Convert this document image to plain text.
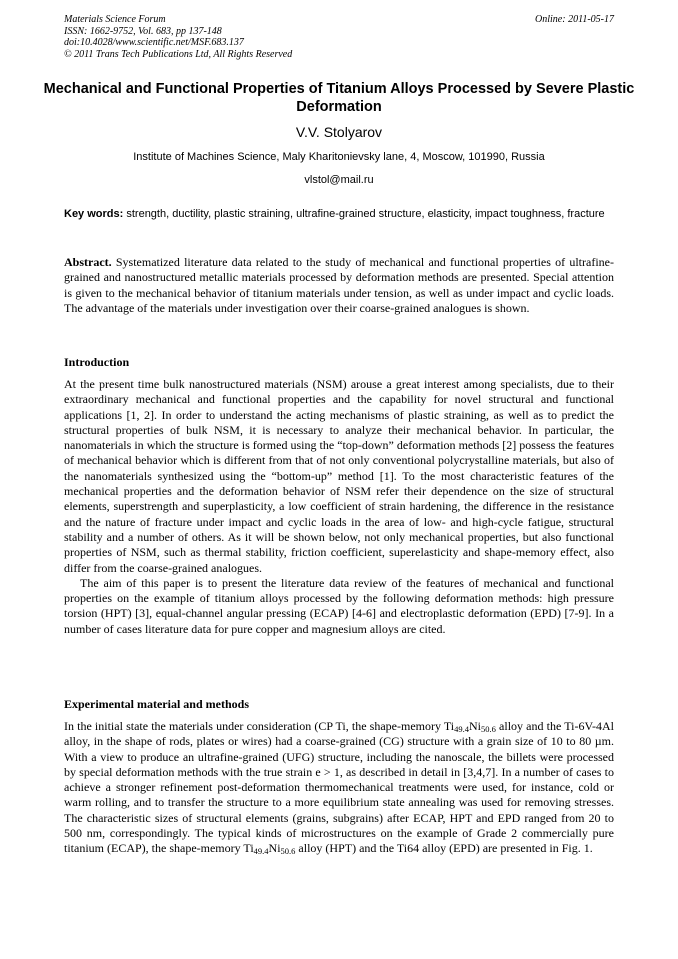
Materials Science Forum
ISSN: 1662-9752, Vol. 683, pp 137-148
doi:10.4028/www.scientific.net/MSF.683.137
© 2011 Trans Tech Publications Ltd, All Rights Reserved
Online: 2011-05-17
Mechanical and Functional Properties of Titanium Alloys Processed by Severe Plastic Deformation
V.V. Stolyarov
Institute of Machines Science, Maly Kharitonievsky lane, 4, Moscow, 101990, Russia
vlstol@mail.ru
Key words: strength, ductility, plastic straining, ultrafine-grained structure, elasticity, impact toughness, fracture

Abstract. Systematized literature data related to the study of mechanical and functional properties of ultrafine-grained and nanostructured metallic materials processed by deformation methods are presented. Special attention is given to the mechanical behavior of titanium materials under tension, as well as under impact and cyclic loads. The advantage of the materials under investigation over their coarse-grained analogues is shown.

Introduction

At the present time bulk nanostructured materials (NSM) arouse a great interest among specialists, due to their extraordinary mechanical and functional properties and the capability for novel structural and functional applications [1, 2]. In order to understand the acting mechanisms of plastic straining, as well as to predict the structural properties of bulk NSM, it is necessary to analyze their mechanical behavior. In particular, the nanomaterials in which the structure is formed using the “top-down” deformation methods [2] possess the features of mechanical behavior which is different from that of not only conventional polycrystalline materials, but also of the nanomaterials synthesized using the “bottom-up” method [1]. To the most characteristic features of the mechanical properties and the deformation behavior of NSM refer their dependence on the size of structural elements, superstrength and superplasticity, a low coefficient of strain hardening, the difference in the resistance and the nature of fracture under impact and cyclic loads in the area of low- and high-cycle fatigue, structural stability and a number of others. As it will be shown below, not only mechanical properties, but also functional properties of NSM, such as thermal stability, friction coefficient, superelasticity and shape-memory effect, also differ from the coarse-grained analogues.

The aim of this paper is to present the literature data review of the features of mechanical and functional properties on the example of titanium alloys processed by the following deformation methods: high pressure torsion (HPT) [3], equal-channel angular pressing (ECAP) [4-6] and electroplastic deformation (EPD) [7-9]. In a number of cases literature data for pure copper and magnesium alloys are cited.

Experimental material and methods

In the initial state the materials under consideration (CP Ti, the shape-memory $Ti_{49.4}Ni_{50.6}$ alloy and the Ti-6V-4Al alloy, in the shape of rods, plates or wires) had a coarse-grained (CG) structure with a grain size of 10 to 80 µm. With a view to produce an ultrafine-grained (UFG) structure, including the nanoscale, the billets were processed by special deformation methods with the true strain e > 1, as described in detail in [3,4,7]. In a number of cases to achieve a stronger refinement post-deformation thermomechanical treatments were used, for instance, cold or warm rolling, and to transfer the structure to a more equilibrium state annealing was used for removing stresses. The characteristic sizes of structural elements (grains, subgrains) after ECAP, HPT and EPD ranged from 20 to 500 nm, correspondingly. The typical kinds of microstructures on the example of Grade 2 commercially pure titanium (ECAP), the shape-memory $Ti_{49.4}Ni_{50.6}$ alloy (HPT) and the Ti64 alloy (EPD) are presented in Fig. 1.
